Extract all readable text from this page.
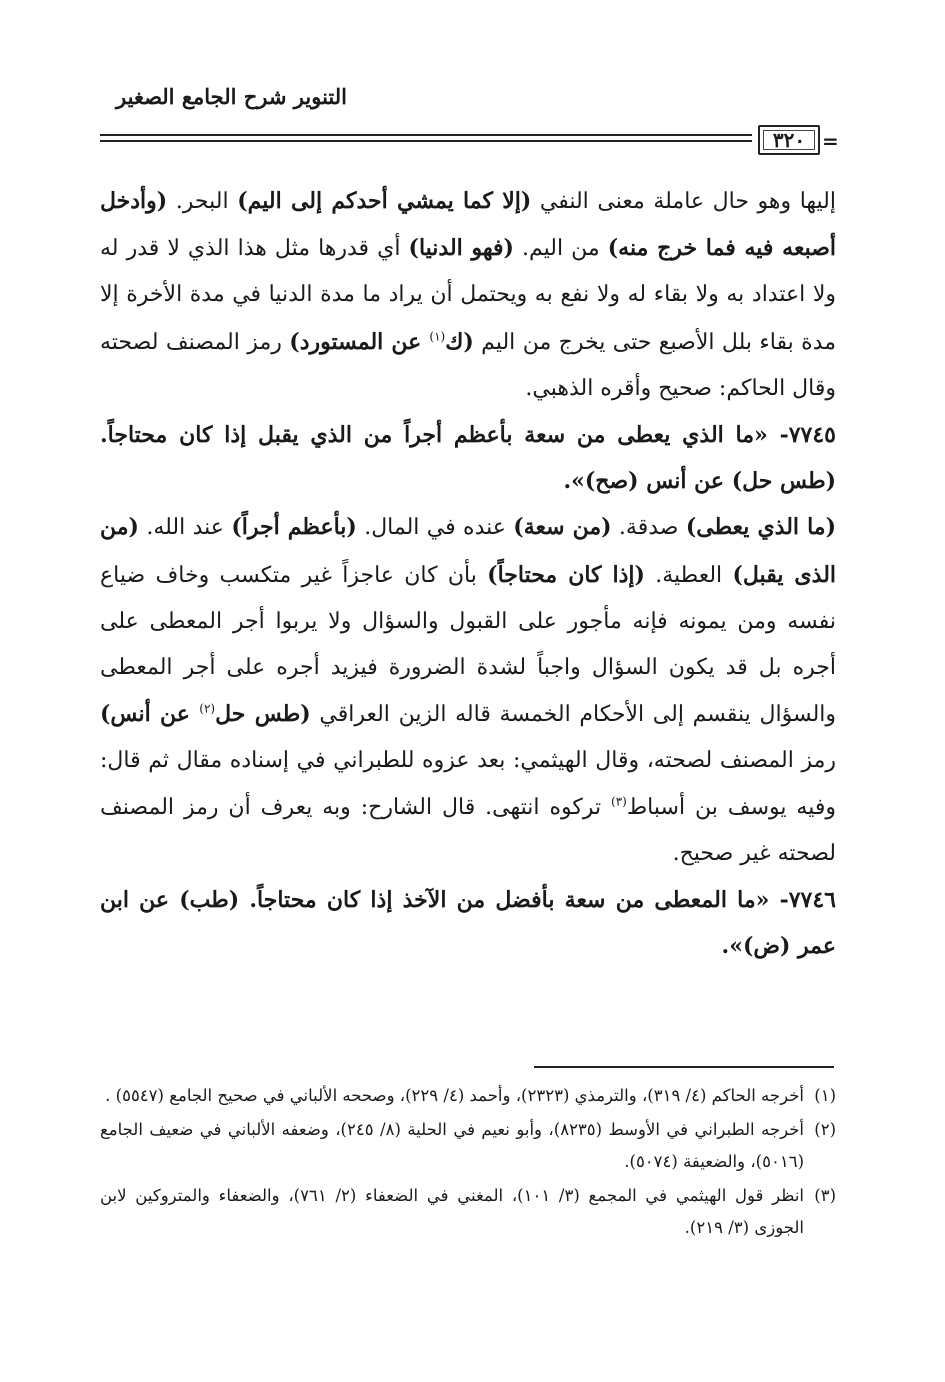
التنوير شرح الجامع الصغير
٣٢٠ =

إليها وهو حال عاملة معنى النفي (إلا كما يمشي أحدكم إلى اليم) البحر. (وأدخل أصبعه فيه فما خرج منه) من اليم. (فهو الدنيا) أي قدرها مثل هذا الذي لا قدر له ولا اعتداد به ولا بقاء له ولا نفع به ويحتمل أن يراد ما مدة الدنيا في مدة الأخرة إلا مدة بقاء بلل الأصبع حتى يخرج من اليم (ك$^{(١)}$ عن المستورد) رمز المصنف لصحته وقال الحاكم: صحيح وأقره الذهبي.

٧٧٤٥- «ما الذي يعطى من سعة بأعظم أجراً من الذي يقبل إذا كان محتاجاً. (طس حل) عن أنس (صح)».

(ما الذي يعطى) صدقة. (من سعة) عنده في المال. (بأعظم أجراً) عند الله. (من الذى يقبل) العطية. (إذا كان محتاجاً) بأن كان عاجزاً غير متكسب وخاف ضياع نفسه ومن يمونه فإنه مأجور على القبول والسؤال ولا يربوا أجر المعطى على أجره بل قد يكون السؤال واجباً لشدة الضرورة فيزيد أجره على أجر المعطى والسؤال ينقسم إلى الأحكام الخمسة قاله الزين العراقي (طس حل$^{(٢)}$ عن أنس) رمز المصنف لصحته، وقال الهيثمي: بعد عزوه للطبراني في إسناده مقال ثم قال: وفيه يوسف بن أسباط$^{(٣)}$ تركوه انتهى. قال الشارح: وبه يعرف أن رمز المصنف لصحته غير صحيح.

٧٧٤٦- «ما المعطى من سعة بأفضل من الآخذ إذا كان محتاجاً. (طب) عن ابن عمر (ض)».

(١)
أخرجه الحاكم (٤/ ٣١٩)، والترمذي (٢٣٢٣)، وأحمد (٤/ ٢٢٩)، وصححه الألباني في صحيح الجامع (٥٥٤٧) .

(٢)
أخرجه الطبراني في الأوسط (٨٢٣٥)، وأبو نعيم في الحلية (٨/ ٢٤٥)، وضعفه الألباني في ضعيف الجامع (٥٠١٦)، والضعيفة (٥٠٧٤).

(٣)
انظر قول الهيثمي في المجمع (٣/ ١٠١)، المغني في الضعفاء (٢/ ٧٦١)، والضعفاء والمتروكين لابن الجوزى (٣/ ٢١٩).
